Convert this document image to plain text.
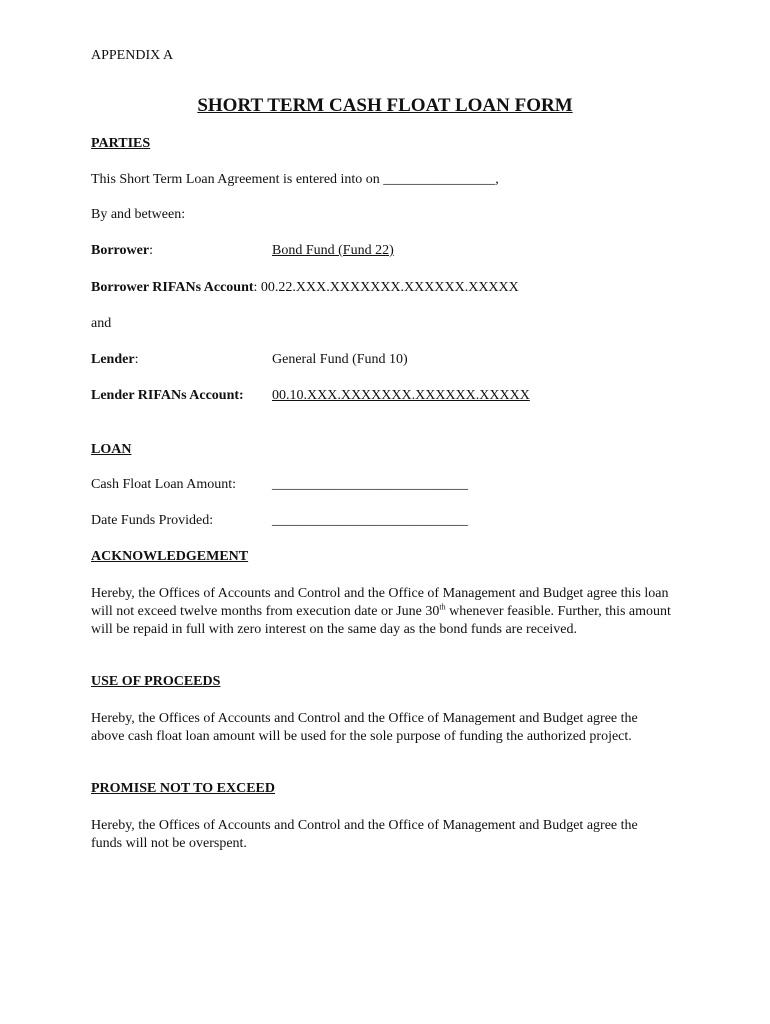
APPENDIX A
SHORT TERM CASH FLOAT LOAN FORM
PARTIES
This Short Term Loan Agreement is entered into on ________________,
By and between:
Borrower:	Bond Fund (Fund 22)
Borrower RIFANs Account: 00.22.XXX.XXXXXXX.XXXXXX.XXXXX
and
Lender:	General Fund (Fund 10)
Lender RIFANs Account: 00.10.XXX.XXXXXXX.XXXXXX.XXXXX
LOAN
Cash Float Loan Amount:	____________________________
Date Funds Provided:	____________________________
ACKNOWLEDGEMENT
Hereby, the Offices of Accounts and Control and the Office of Management and Budget agree this loan will not exceed twelve months from execution date or June 30th whenever feasible. Further, this amount will be repaid in full with zero interest on the same day as the bond funds are received.
USE OF PROCEEDS
Hereby, the Offices of Accounts and Control and the Office of Management and Budget agree the above cash float loan amount will be used for the sole purpose of funding the authorized project.
PROMISE NOT TO EXCEED
Hereby, the Offices of Accounts and Control and the Office of Management and Budget agree the funds will not be overspent.
